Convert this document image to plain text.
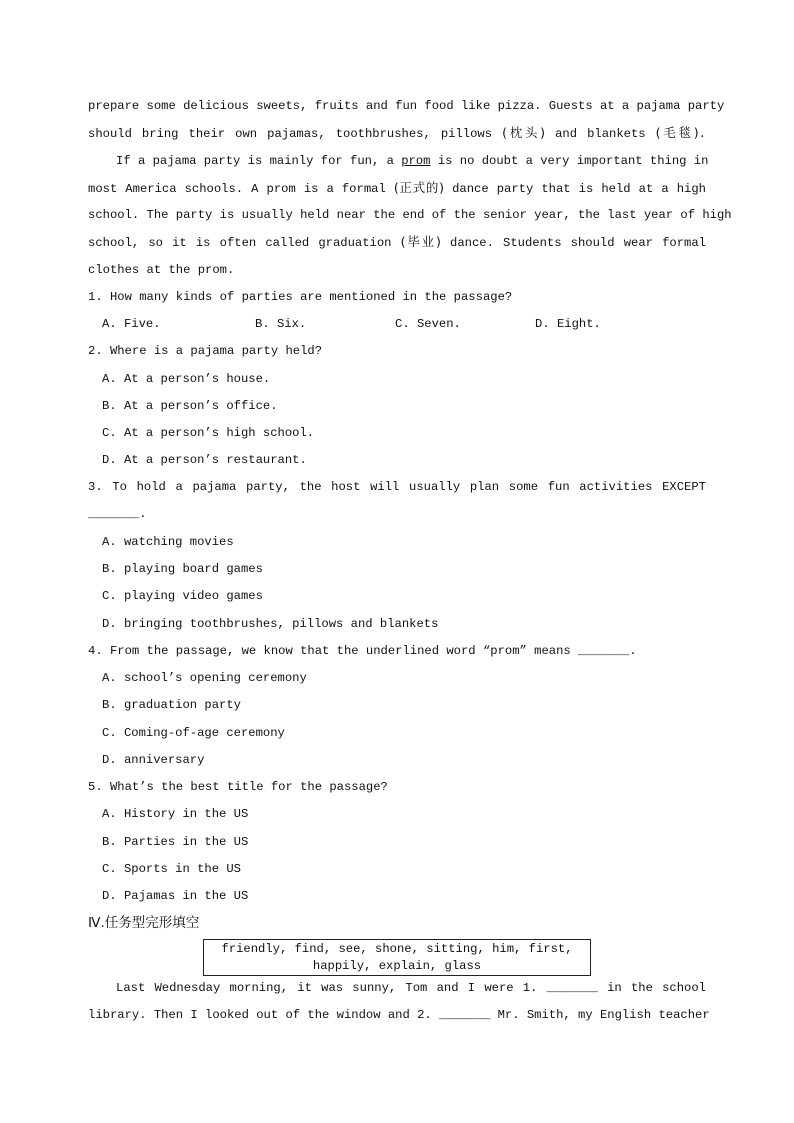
prepare some delicious sweets, fruits and fun food like pizza. Guests at a pajama party
should bring their own pajamas, toothbrushes, pillows (枕头) and blankets (毛毯).
If a pajama party is mainly for fun, a prom is no doubt a very important thing in
most America schools. A prom is a formal (正式的) dance party that is held at a high
school. The party is usually held near the end of the senior year, the last year of high
school, so it is often called graduation (毕业) dance. Students should wear formal
clothes at the prom.
1. How many kinds of parties are mentioned in the passage?
A. Five.	B. Six.	C. Seven.	D. Eight.
2. Where is a pajama party held?
A. At a person’s house.
B. At a person’s office.
C. At a person’s high school.
D. At a person’s restaurant.
3. To hold a pajama party, the host will usually plan some fun activities EXCEPT
_______.
A. watching movies
B. playing board games
C. playing video games
D. bringing toothbrushes, pillows and blankets
4. From the passage, we know that the underlined word “prom” means _______.
A. school’s opening ceremony
B. graduation party
C. Coming-of-age ceremony
D. anniversary
5. What’s the best title for the passage?
A. History in the US
B. Parties in the US
C. Sports in the US
D. Pajamas in the US
Ⅳ.任务型完形填空
friendly, find, see, shone, sitting, him, first,
happily, explain, glass
Last Wednesday morning, it was sunny, Tom and I were 1. _______ in the school
library. Then I looked out of the window and 2. _______ Mr. Smith, my English teacher
